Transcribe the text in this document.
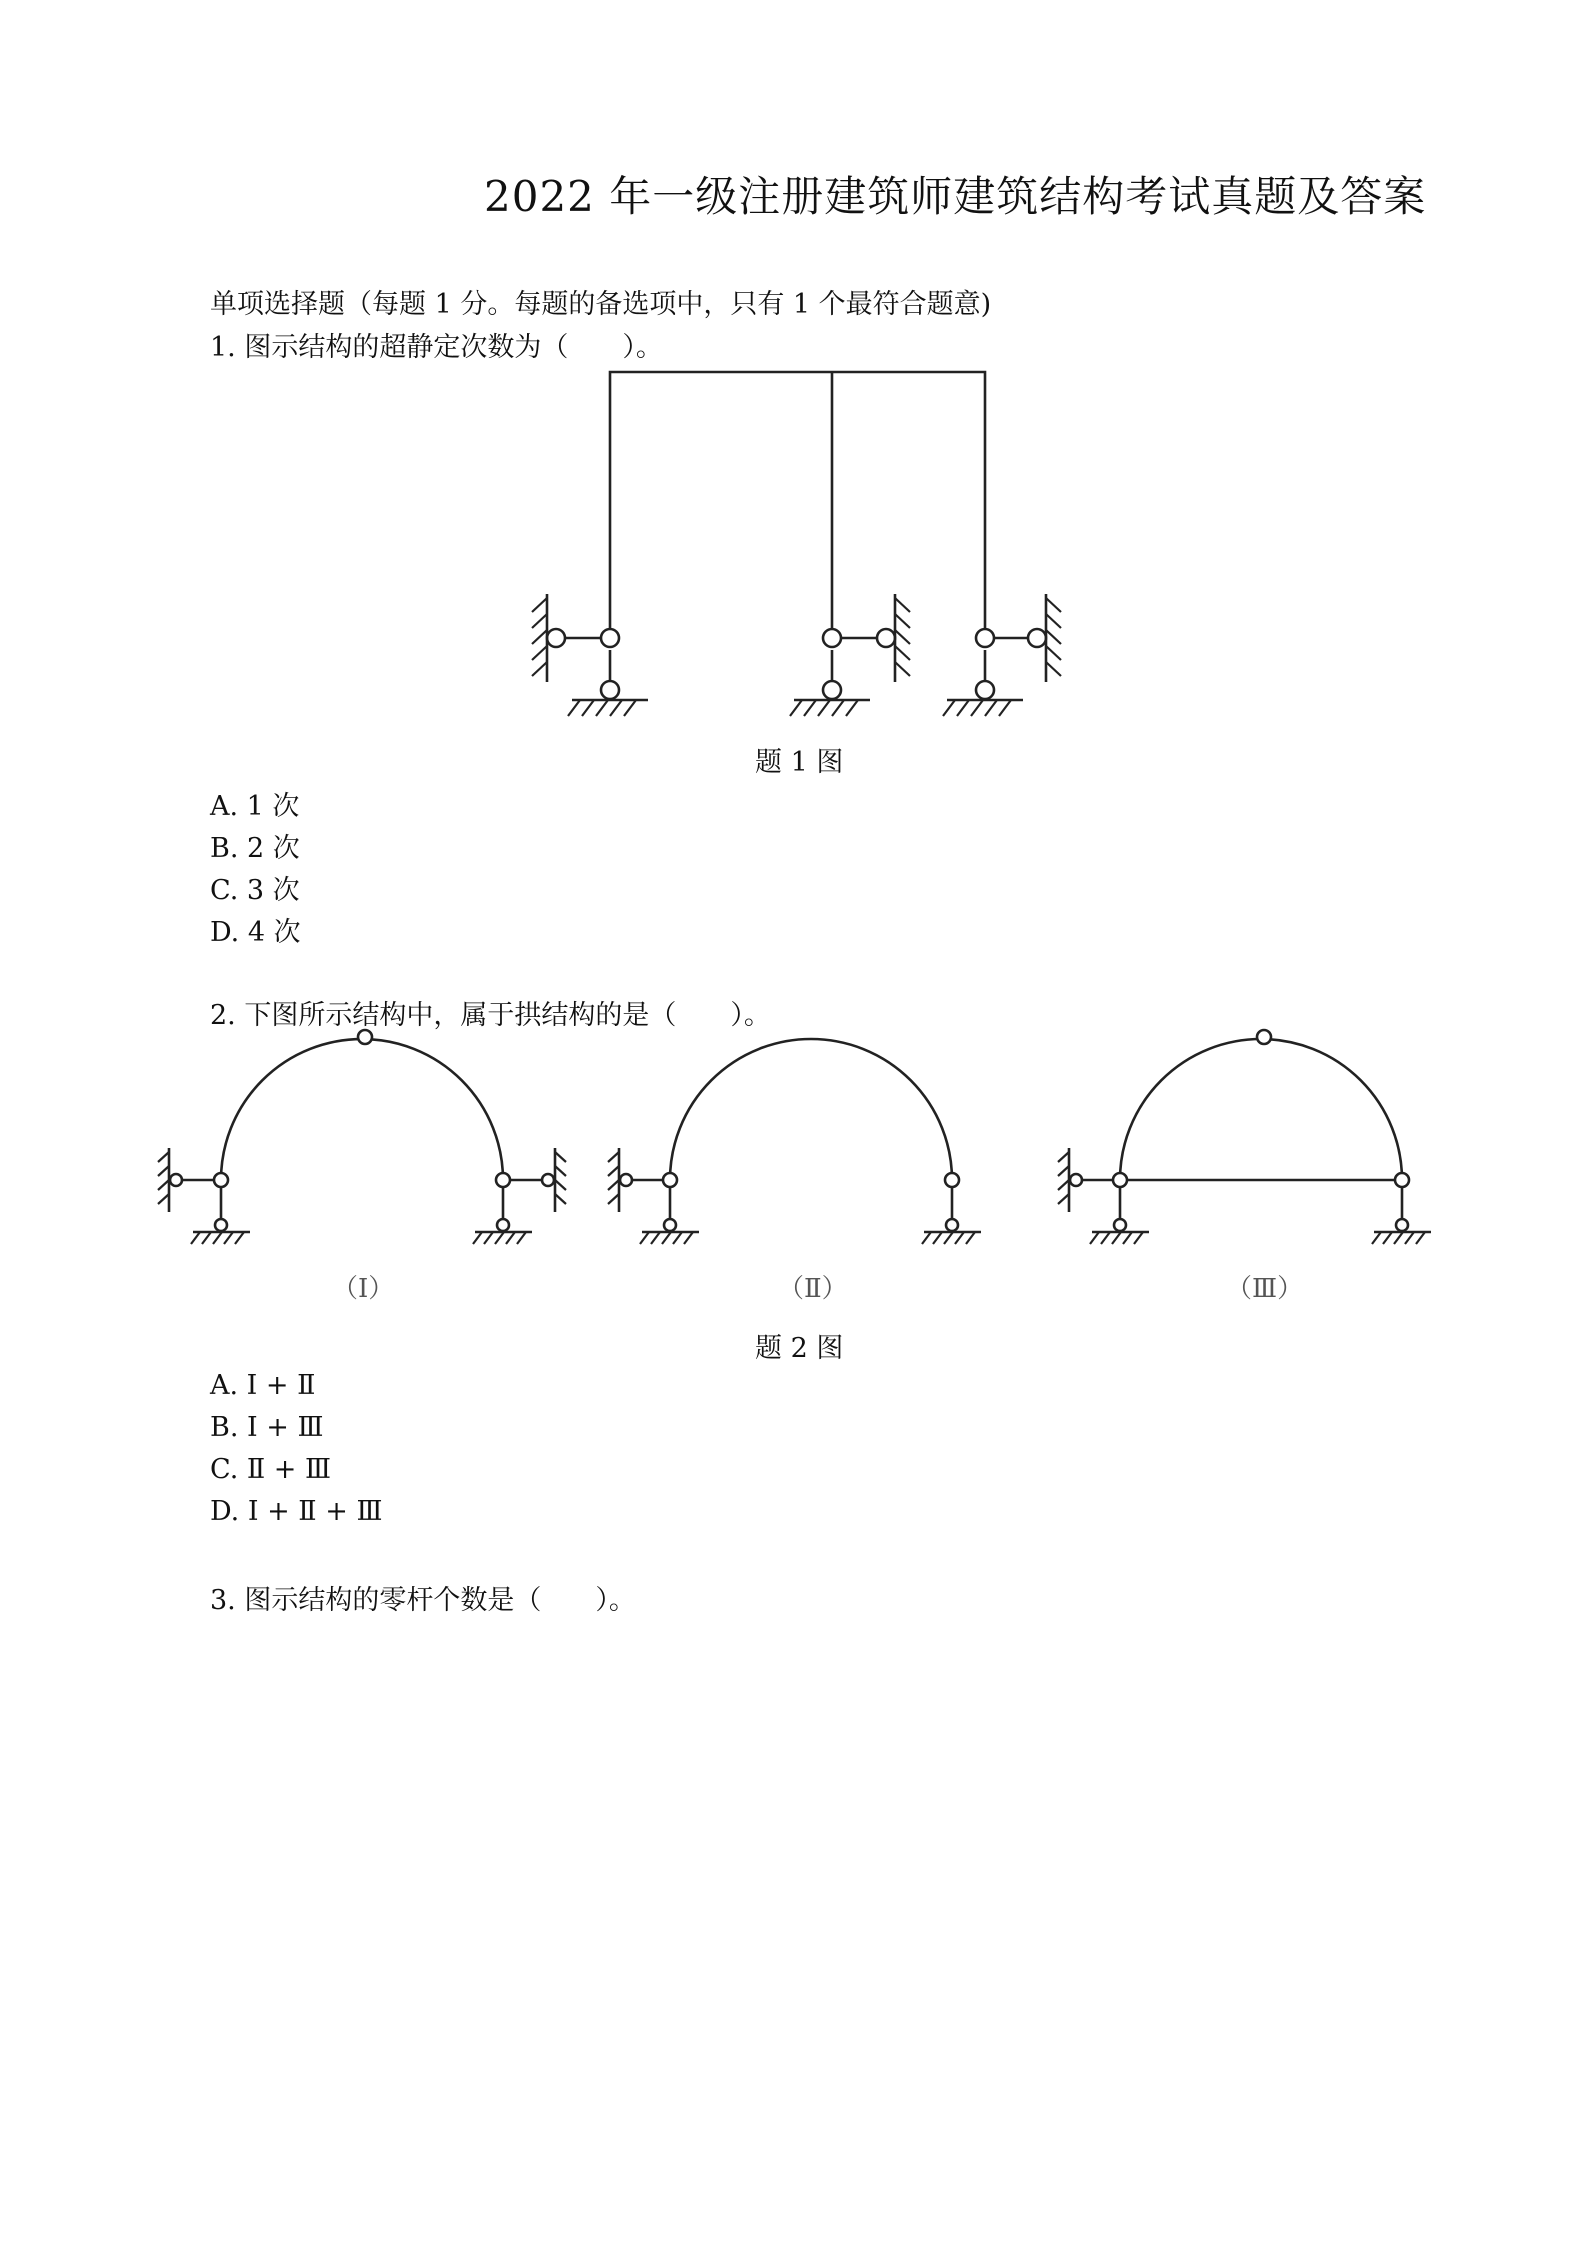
2022 年一级注册建筑师建筑结构考试真题及答案
单项选择题（每题 1 分。每题的备选项中，只有 1 个最符合题意)
1. 图示结构的超静定次数为（　　）。
题 1 图
A. 1 次
B. 2 次
C. 3 次
D. 4 次
2. 下图所示结构中，属于拱结构的是（　　）。
（Ⅰ）	（Ⅱ）	（Ⅲ）
题 2 图
A. Ⅰ + Ⅱ
B. Ⅰ + Ⅲ
C. Ⅱ + Ⅲ
D. Ⅰ + Ⅱ + Ⅲ
3. 图示结构的零杆个数是（　　）。
